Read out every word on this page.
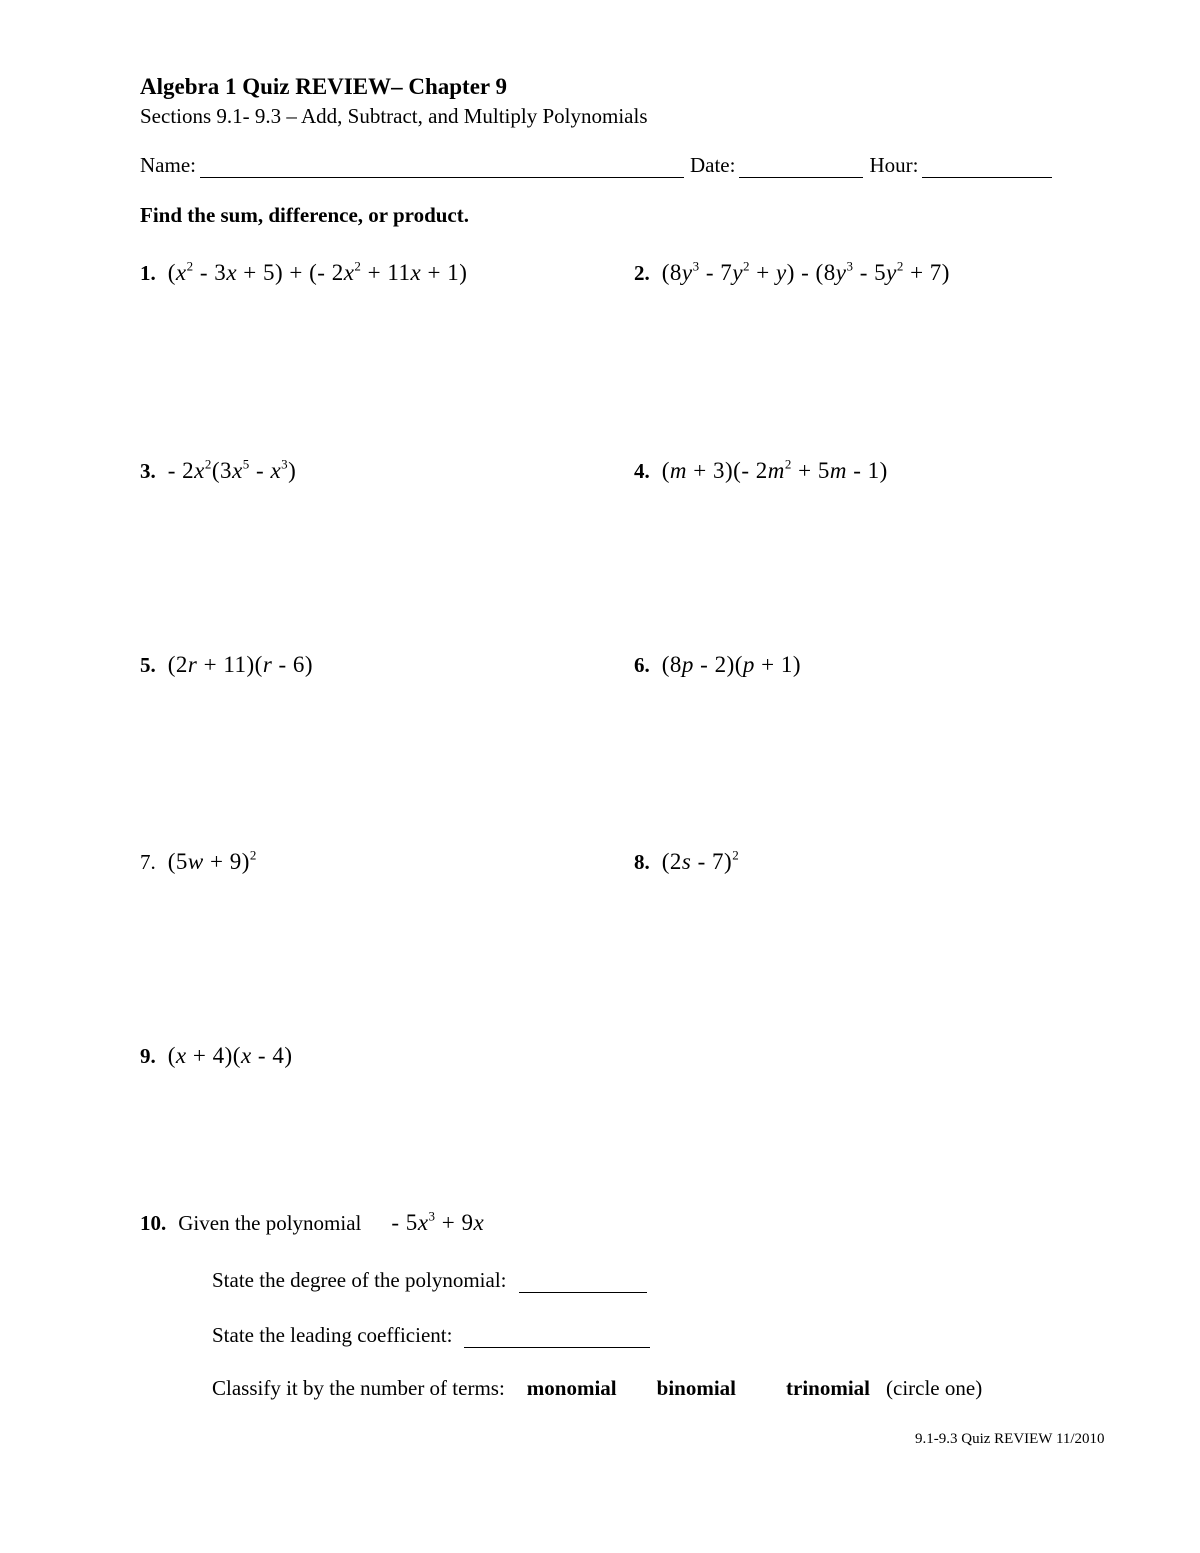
Algebra 1 Quiz REVIEW– Chapter 9
Sections 9.1- 9.3 – Add, Subtract, and Multiply Polynomials
Name:	Date:	Hour:
Find the sum, difference, or product.
1. $(x^2 - 3x + 5)$ + (- $2x^2 + 11x + 1$)	2. $(8y^3 - 7y^2 + y) - (8y^3 - 5y^2 + 7)$
3. - $2x^2(3x^5 - x^3)$	4. (m + 3)(- $2m^2 + 5m - 1$)
5. (2r + 11)(r - 6)	6. (8p - 2)(p + 1)
7. $(5w + 9)^2$	8. (2s - 7)$^2$
9. (x + 4)(x - 4)
10. Given the polynomial - $5x^3 + 9x$
State the degree of the polynomial:
State the leading coefficient:
Classify it by the number of terms: monomial binomial trinomial (circle one)
9.1-9.3 Quiz REVIEW 11/2010
